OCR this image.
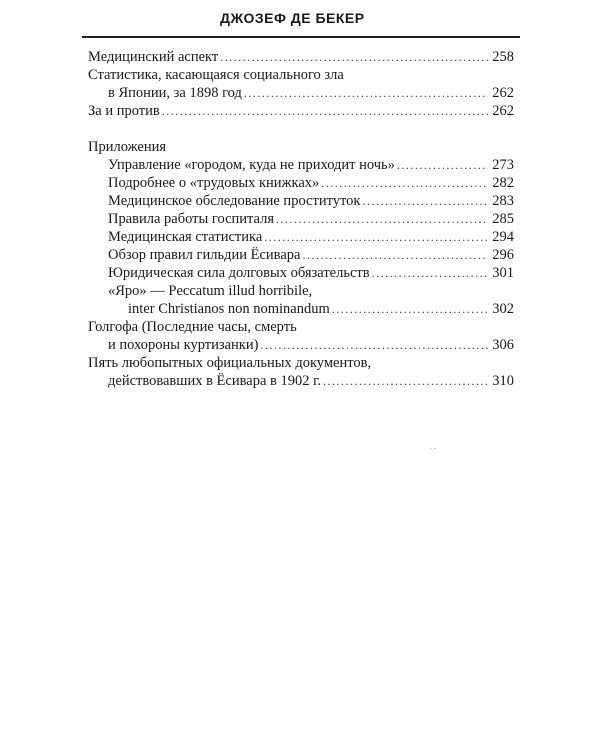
ДЖОЗЕФ ДЕ БЕКЕР
Медицинский аспект .....	258
Статистика, касающаяся социального зла
в Японии, за 1898 год .....	262
За и против .....	262
Приложения
Управление «городом, куда не приходит ночь» .....	273
Подробнее о «трудовых книжках» .....	282
Медицинское обследование проституток .....	283
Правила работы госпиталя .....	285
Медицинская статистика .....	294
Обзор правил гильдии Ёсивара .....	296
Юридическая сила долговых обязательств .....	301
«Яро» — Peccatum illud horribile,
inter Christianos non nominandum .....	302
Голгофа (Последние часы, смерть
и похороны куртизанки) .....	306
Пять любопытных официальных документов,
действовавших в Ёсивара в 1902 г. .....	310
. .
